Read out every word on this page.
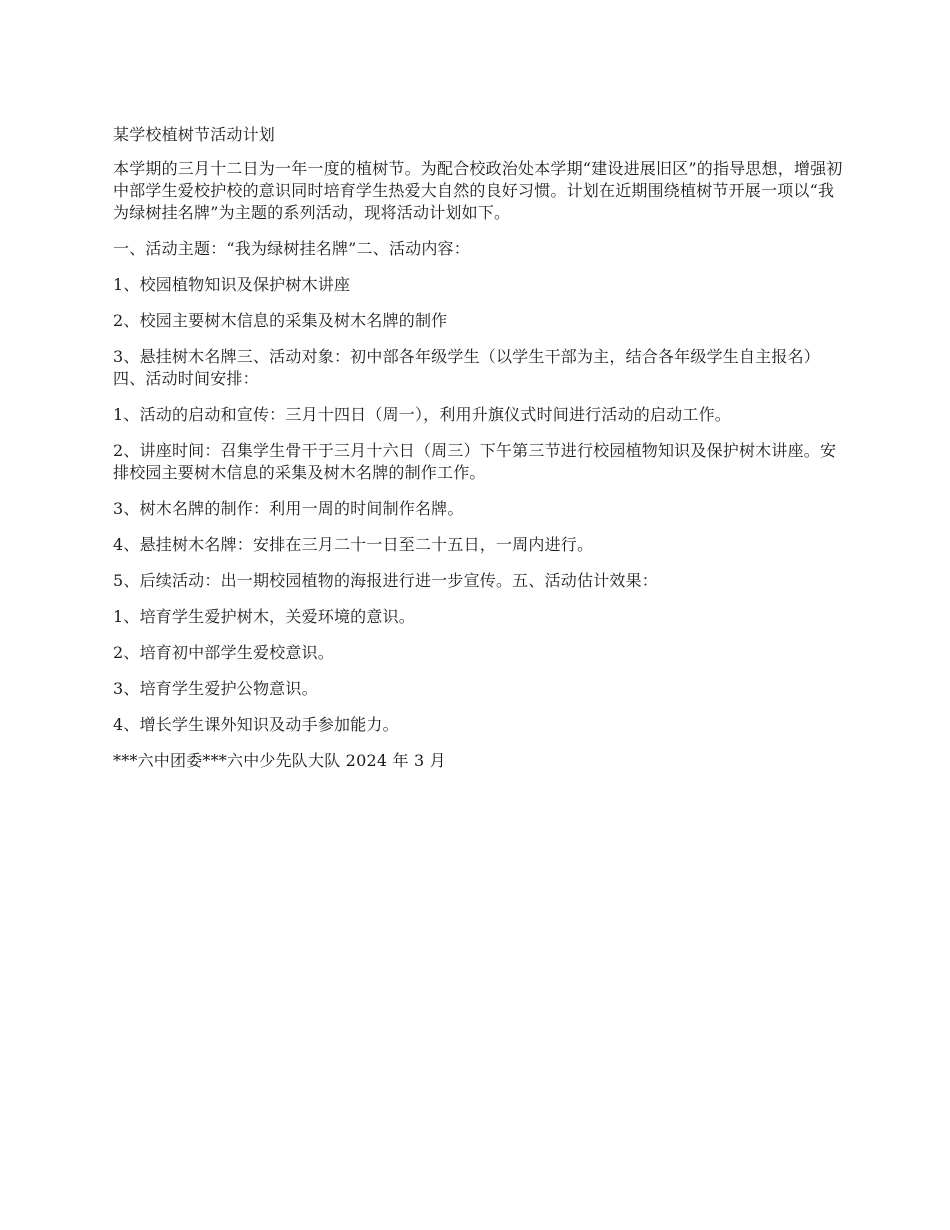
某学校植树节活动计划

本学期的三月十二日为一年一度的植树节。为配合校政治处本学期“建设进展旧区”的指导思想，增强初中部学生爱校护校的意识同时培育学生热爱大自然的良好习惯。计划在近期围绕植树节开展一项以“我为绿树挂名牌”为主题的系列活动，现将活动计划如下。

一、活动主题：“我为绿树挂名牌”二、活动内容：

1、校园植物知识及保护树木讲座

2、校园主要树木信息的采集及树木名牌的制作

3、悬挂树木名牌三、活动对象：初中部各年级学生（以学生干部为主，结合各年级学生自主报名）四、活动时间安排：

1、活动的启动和宣传：三月十四日（周一），利用升旗仪式时间进行活动的启动工作。

2、讲座时间：召集学生骨干于三月十六日（周三）下午第三节进行校园植物知识及保护树木讲座。安排校园主要树木信息的采集及树木名牌的制作工作。

3、树木名牌的制作：利用一周的时间制作名牌。

4、悬挂树木名牌：安排在三月二十一日至二十五日，一周内进行。

5、后续活动：出一期校园植物的海报进行进一步宣传。五、活动估计效果：

1、培育学生爱护树木，关爱环境的意识。

2、培育初中部学生爱校意识。

3、培育学生爱护公物意识。

4、增长学生课外知识及动手参加能力。

***六中团委***六中少先队大队 2024 年 3 月
